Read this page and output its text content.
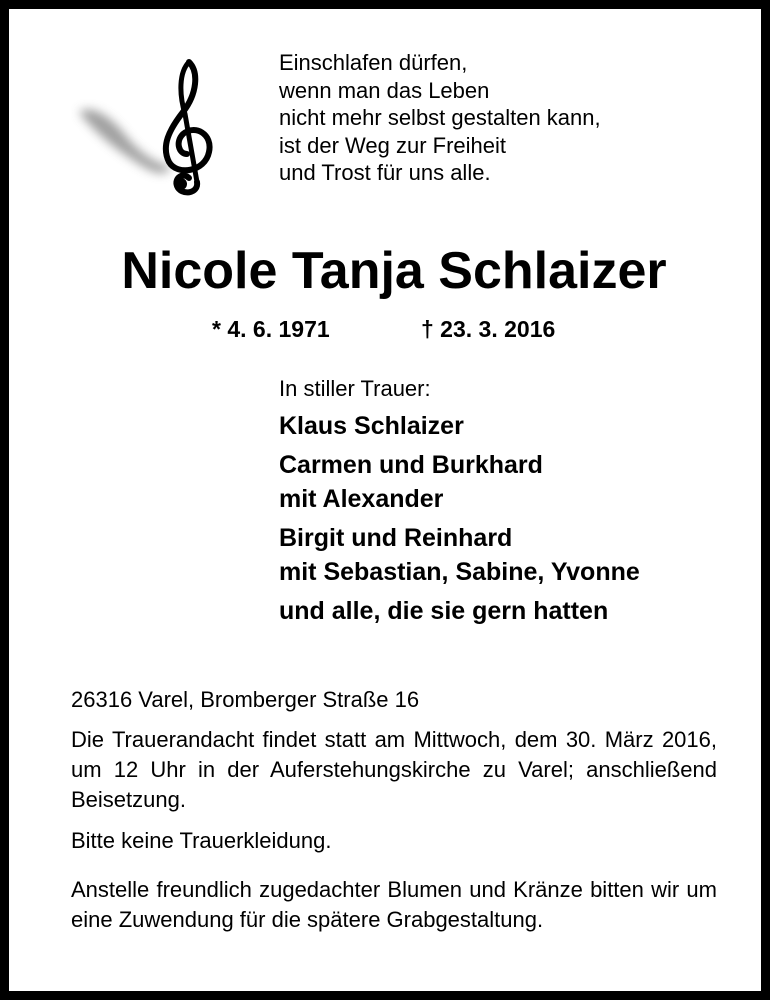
Einschlafen dürfen,
wenn man das Leben
nicht mehr selbst gestalten kann,
ist der Weg zur Freiheit
und Trost für uns alle.
Nicole Tanja Schlaizer
* 4. 6. 1971	† 23. 3. 2016
In stiller Trauer:
Klaus Schlaizer
Carmen und Burkhard
mit Alexander
Birgit und Reinhard
mit Sebastian, Sabine, Yvonne
und alle, die sie gern hatten
26316 Varel, Bromberger Straße 16
Die Trauerandacht findet statt am Mittwoch, dem 30. März 2016, um 12 Uhr in der Auferstehungskirche zu Varel; anschließend Beisetzung.
Bitte keine Trauerkleidung.
Anstelle freundlich zugedachter Blumen und Kränze bitten wir um eine Zuwendung für die spätere Grabgestaltung.
